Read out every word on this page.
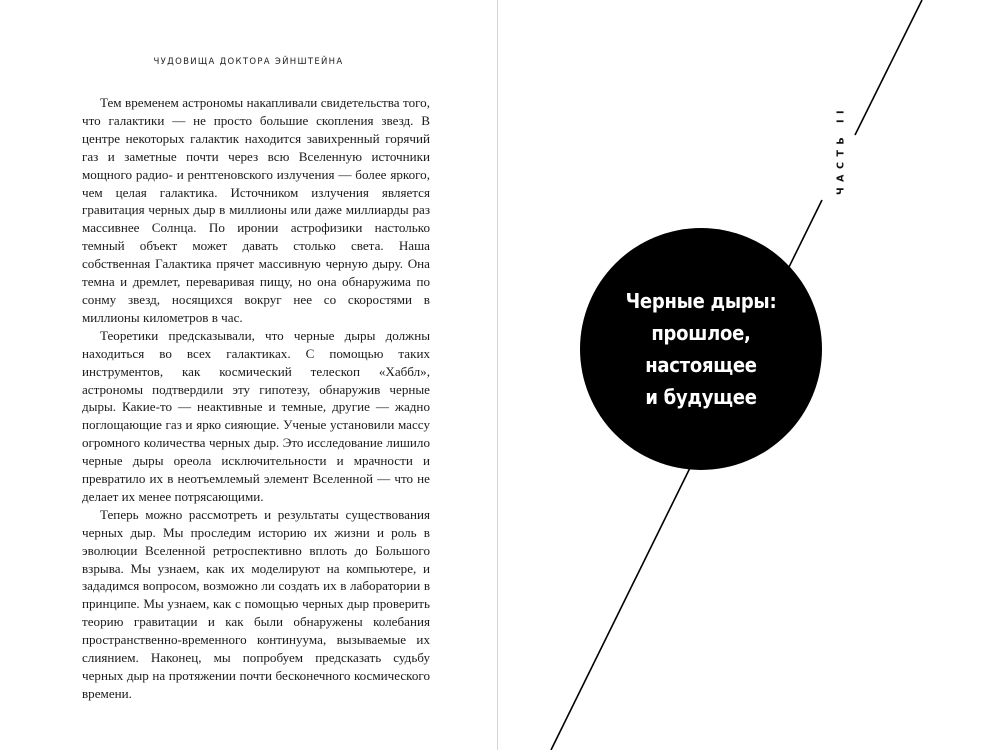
ЧУДОВИЩА ДОКТОРА ЭЙНШТЕЙНА

Тем временем астрономы накапливали свидетельства того, что галактики — не просто большие скопления звезд. В центре некоторых галактик находится завихренный горячий газ и заметные почти через всю Вселенную источники мощного радио- и рентгеновского излучения — более яркого, чем целая галактика. Источником излучения является гравитация черных дыр в миллионы или даже миллиарды раз массивнее Солнца. По иронии астрофизики настолько темный объект может давать столько света. Наша собственная Галактика прячет массивную черную дыру. Она темна и дремлет, переваривая пищу, но она обнаружима по сонму звезд, носящихся вокруг нее со скоростями в миллионы километров в час.

Теоретики предсказывали, что черные дыры должны находиться во всех галактиках. С помощью таких инструментов, как космический телескоп «Хаббл», астрономы подтвердили эту гипотезу, обнаружив черные дыры. Какие-то — неактивные и темные, другие — жадно поглощающие газ и ярко сияющие. Ученые установили массу огромного количества черных дыр. Это исследование лишило черные дыры ореола исключительности и мрачности и превратило их в неотъемлемый элемент Вселенной — что не делает их менее потрясающими.

Теперь можно рассмотреть и результаты существования черных дыр. Мы проследим историю их жизни и роль в эволюции Вселенной ретроспективно вплоть до Большого взрыва. Мы узнаем, как их моделируют на компьютере, и зададимся вопросом, возможно ли создать их в лаборатории в принципе. Мы узнаем, как с помощью черных дыр проверить теорию гравитации и как были обнаружены колебания пространственно-временного континуума, вызываемые их слиянием. Наконец, мы попробуем предсказать судьбу черных дыр на протяжении почти бесконечного космического времени.

ЧАСТЬ II
Черные дыры:
прошлое,
настоящее
и будущее
